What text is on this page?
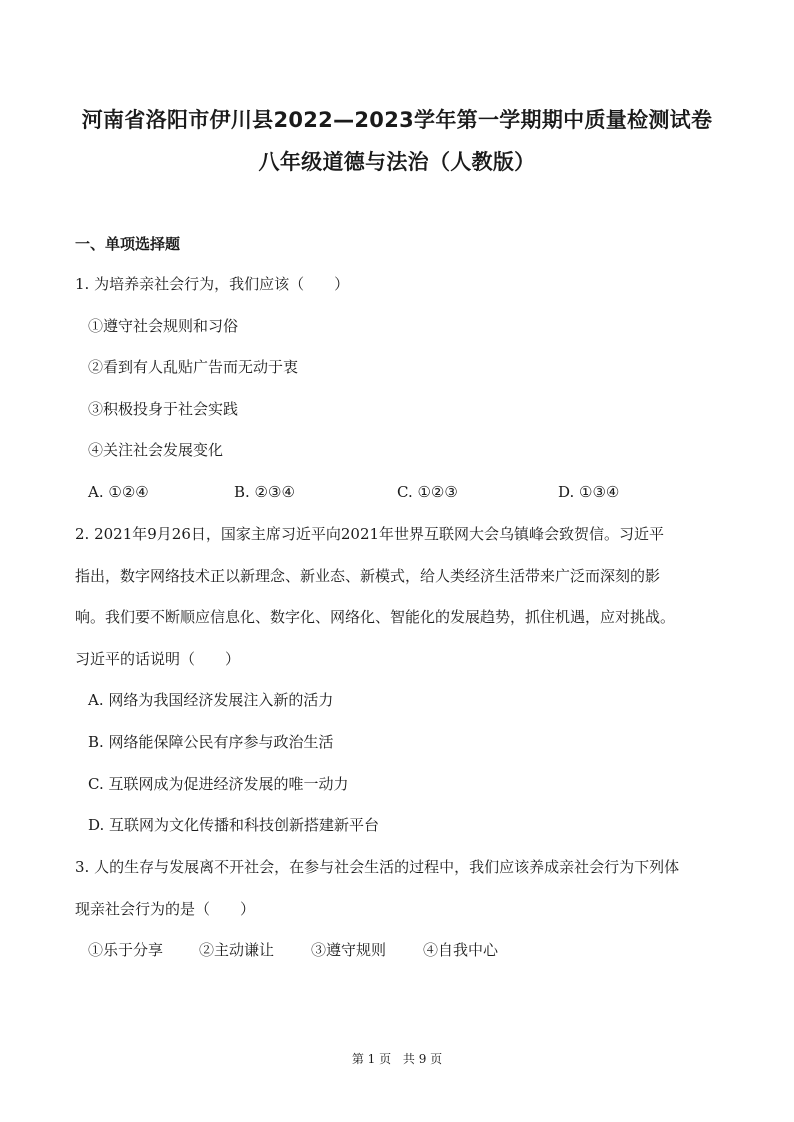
河南省洛阳市伊川县2022—2023学年第一学期期中质量检测试卷
八年级道德与法治（人教版）
一、单项选择题
1. 为培养亲社会行为，我们应该（　　）
①遵守社会规则和习俗
②看到有人乱贴广告而无动于衷
③积极投身于社会实践
④关注社会发展变化
A. ①②④	B. ②③④	C. ①②③	D. ①③④
2. 2021年9月26日，国家主席习近平向2021年世界互联网大会乌镇峰会致贺信。习近平
指出，数字网络技术正以新理念、新业态、新模式，给人类经济生活带来广泛而深刻的影
响。我们要不断顺应信息化、数字化、网络化、智能化的发展趋势，抓住机遇，应对挑战。
习近平的话说明（　　）
A. 网络为我国经济发展注入新的活力
B. 网络能保障公民有序参与政治生活
C. 互联网成为促进经济发展的唯一动力
D. 互联网为文化传播和科技创新搭建新平台
3. 人的生存与发展离不开社会，在参与社会生活的过程中，我们应该养成亲社会行为下列体
现亲社会行为的是（　　）
①乐于分享 ②主动谦让 ③遵守规则 ④自我中心
第 1 页 共 9 页
